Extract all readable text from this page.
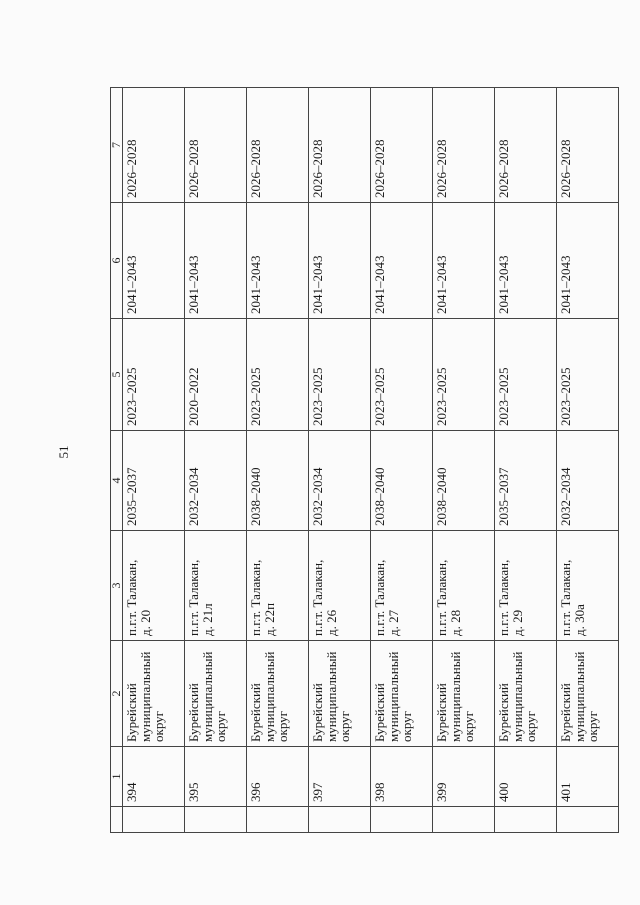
51
	1	2	3	4	5	6	7
	394	Бурейский
муниципальный
округ	п.г.т. Талакан,
д. 20	2035–2037	2023–2025	2041–2043	2026–2028
	395	Бурейский
муниципальный
округ	п.г.т. Талакан,
д. 21л	2032–2034	2020–2022	2041–2043	2026–2028
	396	Бурейский
муниципальный
округ	п.г.т. Талакан,
д. 22п	2038–2040	2023–2025	2041–2043	2026–2028
	397	Бурейский
муниципальный
округ	п.г.т. Талакан,
д. 26	2032–2034	2023–2025	2041–2043	2026–2028
	398	Бурейский
муниципальный
округ	п.г.т. Талакан,
д. 27	2038–2040	2023–2025	2041–2043	2026–2028
	399	Бурейский
муниципальный
округ	п.г.т. Талакан,
д. 28	2038–2040	2023–2025	2041–2043	2026–2028
	400	Бурейский
муниципальный
округ	п.г.т. Талакан,
д. 29	2035–2037	2023–2025	2041–2043	2026–2028
	401	Бурейский
муниципальный
округ	п.г.т. Талакан,
д. 30а	2032–2034	2023–2025	2041–2043	2026–2028
